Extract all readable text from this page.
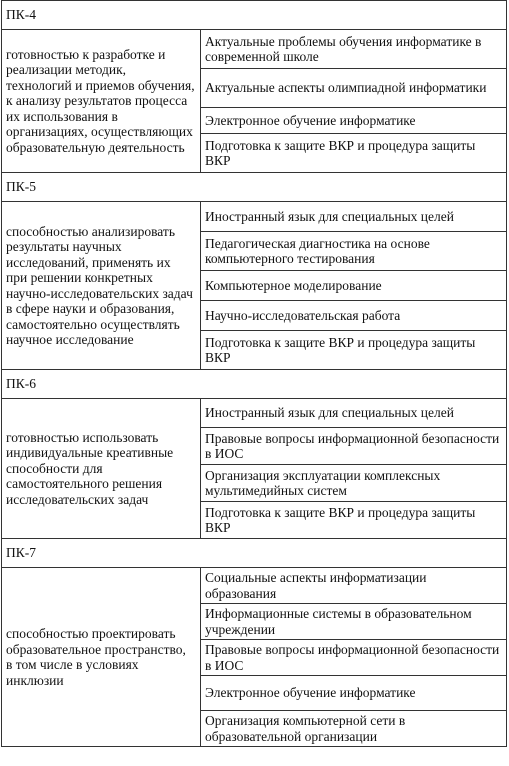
ПК-4	
готовностью к разработке и реализации методик, технологий и приемов обучения, к анализу результатов процесса их использования в организациях, осуществляющих образовательную деятельность	Актуальные проблемы обучения информатике в современной школе
	Актуальные аспекты олимпиадной информатики
	Электронное обучение информатике
	Подготовка к защите ВКР и процедура защиты ВКР
ПК-5	
способностью анализировать результаты научных исследований, применять их при решении конкретных научно-исследовательских задач в сфере науки и образования, самостоятельно осуществлять научное исследование	Иностранный язык для специальных целей
	Педагогическая диагностика на основе компьютерного тестирования
	Компьютерное моделирование
	Научно-исследовательская работа
	Подготовка к защите ВКР и процедура защиты ВКР
ПК-6	
готовностью использовать индивидуальные креативные способности для самостоятельного решения исследовательских задач	Иностранный язык для специальных целей
	Правовые вопросы информационной безопасности в ИОС
	Организация эксплуатации комплексных мультимедийных систем
	Подготовка к защите ВКР и процедура защиты ВКР
ПК-7	
способностью проектировать образовательное пространство, в том числе в условиях инклюзии	Социальные аспекты информатизации образования
	Информационные системы в образовательном учреждении
	Правовые вопросы информационной безопасности в ИОС
	Электронное обучение информатике
	Организация компьютерной сети в образовательной организации
